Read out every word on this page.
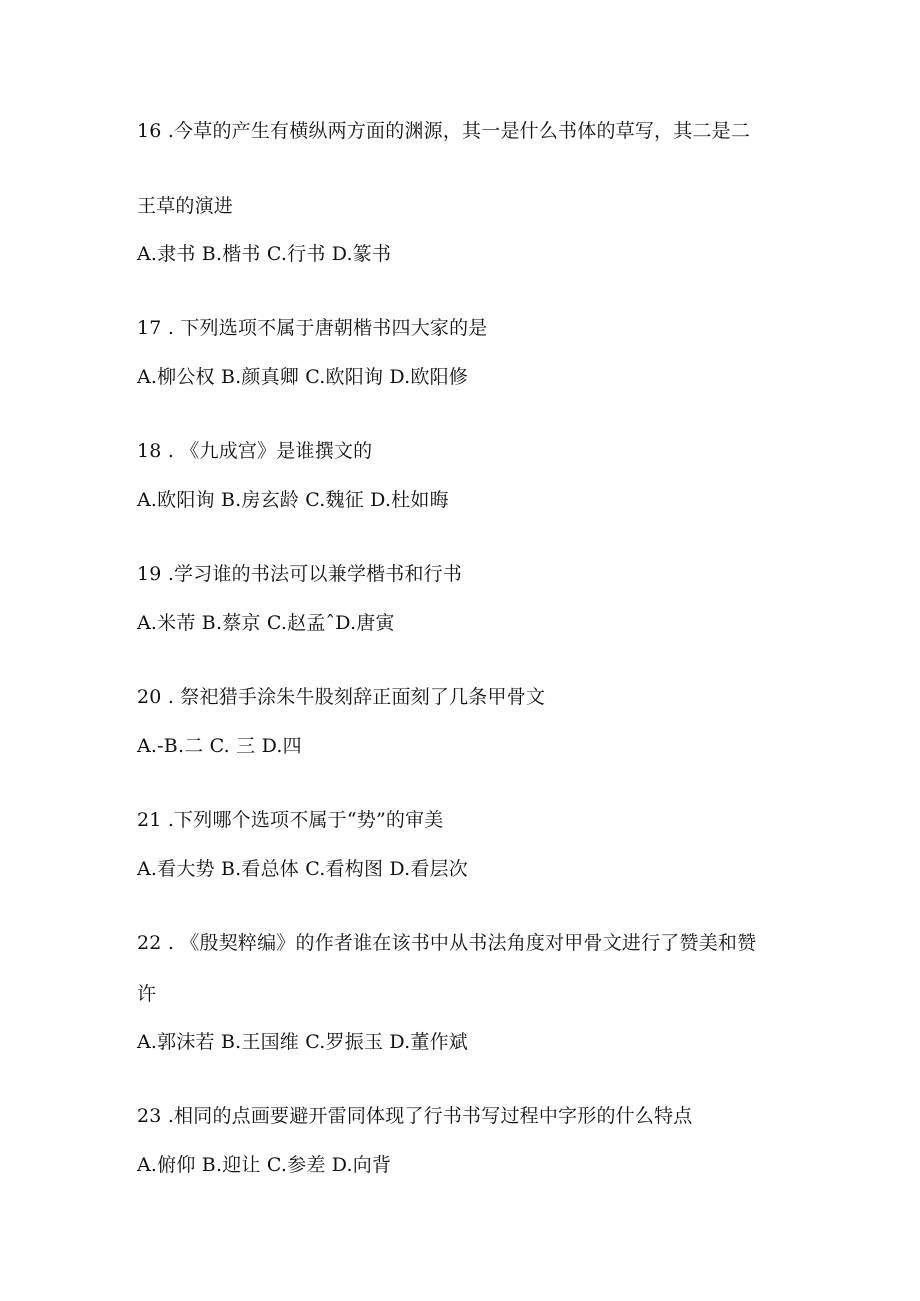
16 .今草的产生有横纵两方面的渊源，其一是什么书体的草写，其二是二
王草的演进
A.隶书 B.楷书 C.行书 D.篆书
17 . 下列选项不属于唐朝楷书四大家的是
A.柳公权 B.颜真卿 C.欧阳询 D.欧阳修
18 . 《九成宫》是谁撰文的
A.欧阳询 B.房玄龄 C.魏征 D.杜如晦
19 .学习谁的书法可以兼学楷书和行书
A.米芾 B.蔡京 C.赵孟ˆD.唐寅
20 . 祭祀猎手涂朱牛股刻辞正面刻了几条甲骨文
A.-B.二 C. 三 D.四
21 .下列哪个选项不属于“势”的审美
A.看大势 B.看总体 C.看构图 D.看层次
22 . 《殷契粹编》的作者谁在该书中从书法角度对甲骨文进行了赞美和赞
许
A.郭沫若 B.王国维 C.罗振玉 D.董作斌
23 .相同的点画要避开雷同体现了行书书写过程中字形的什么特点
A.俯仰 B.迎让 C.参差 D.向背
